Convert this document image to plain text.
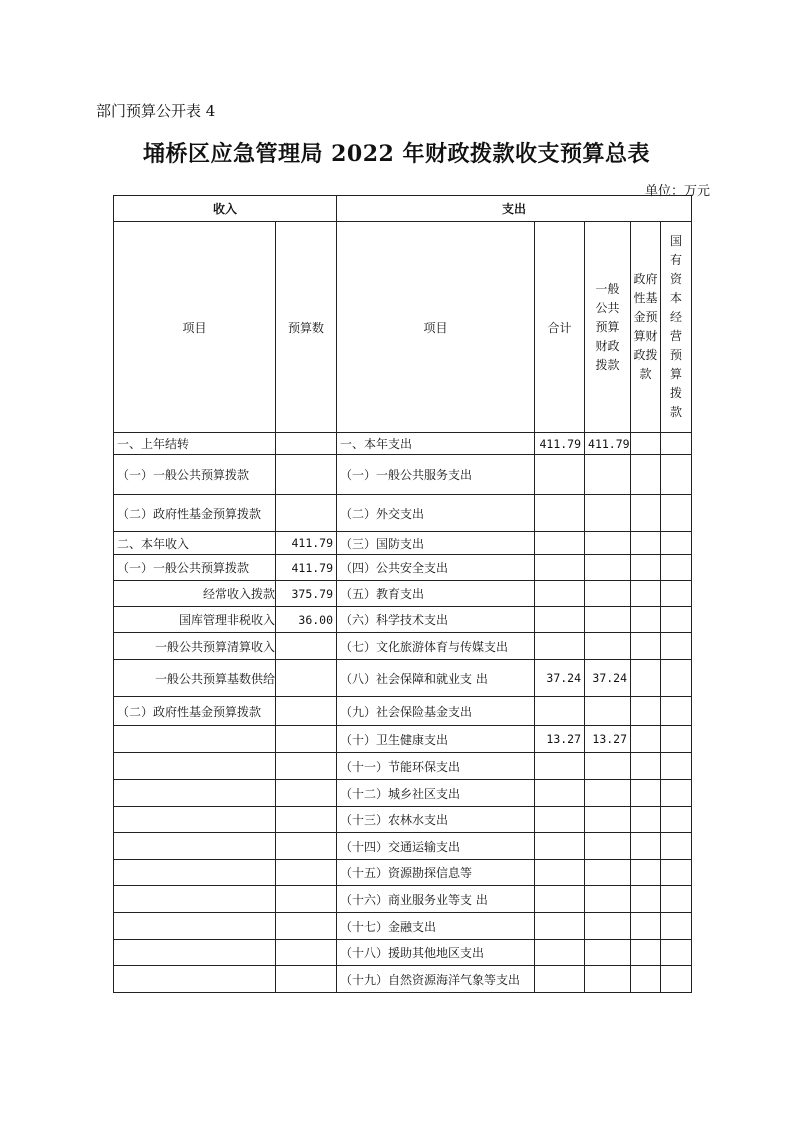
部门预算公开表 4
埇桥区应急管理局 2022 年财政拨款收支预算总表
单位：万元
收入		支出				
项目	预算数	项目	合计	一般公共预算财政拨款	政府性基金预算财政拨款	国有资本经营预算拨款

一、上年结转		一、本年支出	411.79	411.79		
（一）一般公共预算拨款		（一）一般公共服务支出				
（二）政府性基金预算拨款		（二）外交支出				
二、本年收入	411.79	（三）国防支出				
（一）一般公共预算拨款	411.79	（四）公共安全支出				
经常收入拨款	375.79	（五）教育支出				
国库管理非税收入	36.00	（六）科学技术支出				
一般公共预算清算收入		（七）文化旅游体育与传媒支出				
一般公共预算基数供给		（八）社会保障和就业支 出	37.24	37.24		
（二）政府性基金预算拨款		（九）社会保险基金支出				
		（十）卫生健康支出	13.27	13.27		
		（十一）节能环保支出				
		（十二）城乡社区支出				
		（十三）农林水支出				
		（十四）交通运输支出				
		（十五）资源勘探信息等				
		（十六）商业服务业等支 出				
		（十七）金融支出				
		（十八）援助其他地区支出				
		（十九）自然资源海洋气象等支出				
